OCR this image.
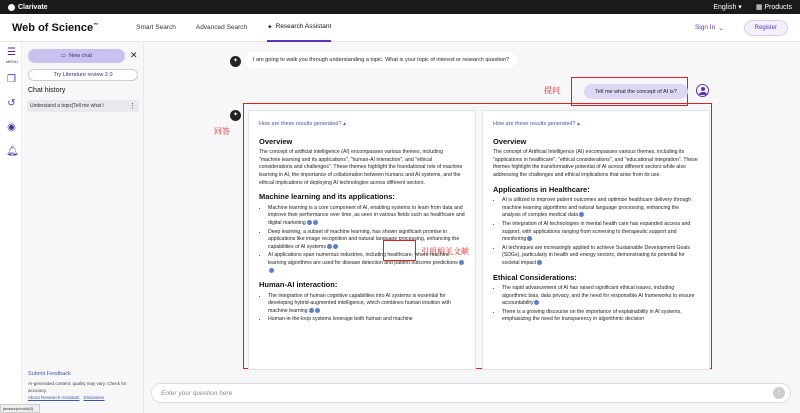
Clarivate	English ▾ ▦ Products
Web of Science™	Smart Search	Advanced Search	✦ Research Assistant	Sign In ⌄	Register
☰
MENU
❐
↺
◉
🔔︎
▭ New chat	✕
Try Literature review 2.0
Chat history
Understand a topic[Tell me what i	⋮
Submit Feedback
AI-generated content: quality may vary. Check for accuracy.
About Research Assistant Disclaimer
javascript:void(0)
✦	I am going to walk you through understanding a topic. What is your topic of interest or research question?
提问	Tell me what the concept of AI is?
✦
回答
How are these results generated? ▴
Overview

The concept of artificial intelligence (AI) encompasses various themes, including "machine learning and its applications", "human-AI interaction", and "ethical considerations and challenges". These themes highlight the foundational role of machine learning in AI, the importance of collaboration between humans and AI systems, and the ethical implications of deploying AI technologies across different sectors.

Machine learning and its applications:
• Machine learning is a core component of AI, enabling systems to learn from data and improve their performance over time, as seen in various fields such as healthcare and digital marketing
• Deep learning, a subset of machine learning, has shown significant promise in applications like image recognition and natural language processing, enhancing the capabilities of AI systems
• AI applications span numerous industries, including healthcare, where machine learning algorithms are used for disease detection and patient outcome predictions
Human-AI interaction:
• The integration of human cognitive capabilities into AI systems is essential for developing hybrid-augmented intelligence, which combines human intuition with machine learning
• Human-in-the-loop systems leverage both human and machine
引用相关文献
How are these results generated? ▴
Overview

The concept of Artificial Intelligence (AI) encompasses various themes, including its "applications in healthcare", "ethical considerations", and "educational integration". These themes highlight the transformative potential of AI across different sectors while also addressing the challenges and ethical implications that arise from its use.

Applications in Healthcare:
• AI is utilized to improve patient outcomes and optimize healthcare delivery through machine learning algorithms and natural language processing, enhancing the analysis of complex medical data
• The integration of AI technologies in mental health care has expanded access and support, with applications ranging from screening to therapeutic support and monitoring
• AI techniques are increasingly applied to achieve Sustainable Development Goals (SDGs), particularly in health and energy sectors, demonstrating its potential for societal impact
Ethical Considerations:
• The rapid advancement of AI has raised significant ethical issues, including algorithmic bias, data privacy, and the need for responsible AI frameworks to ensure accountability
• There is a growing discourse on the importance of explainability in AI systems, emphasizing the need for transparency in algorithmic decision
Enter your question here	↑
